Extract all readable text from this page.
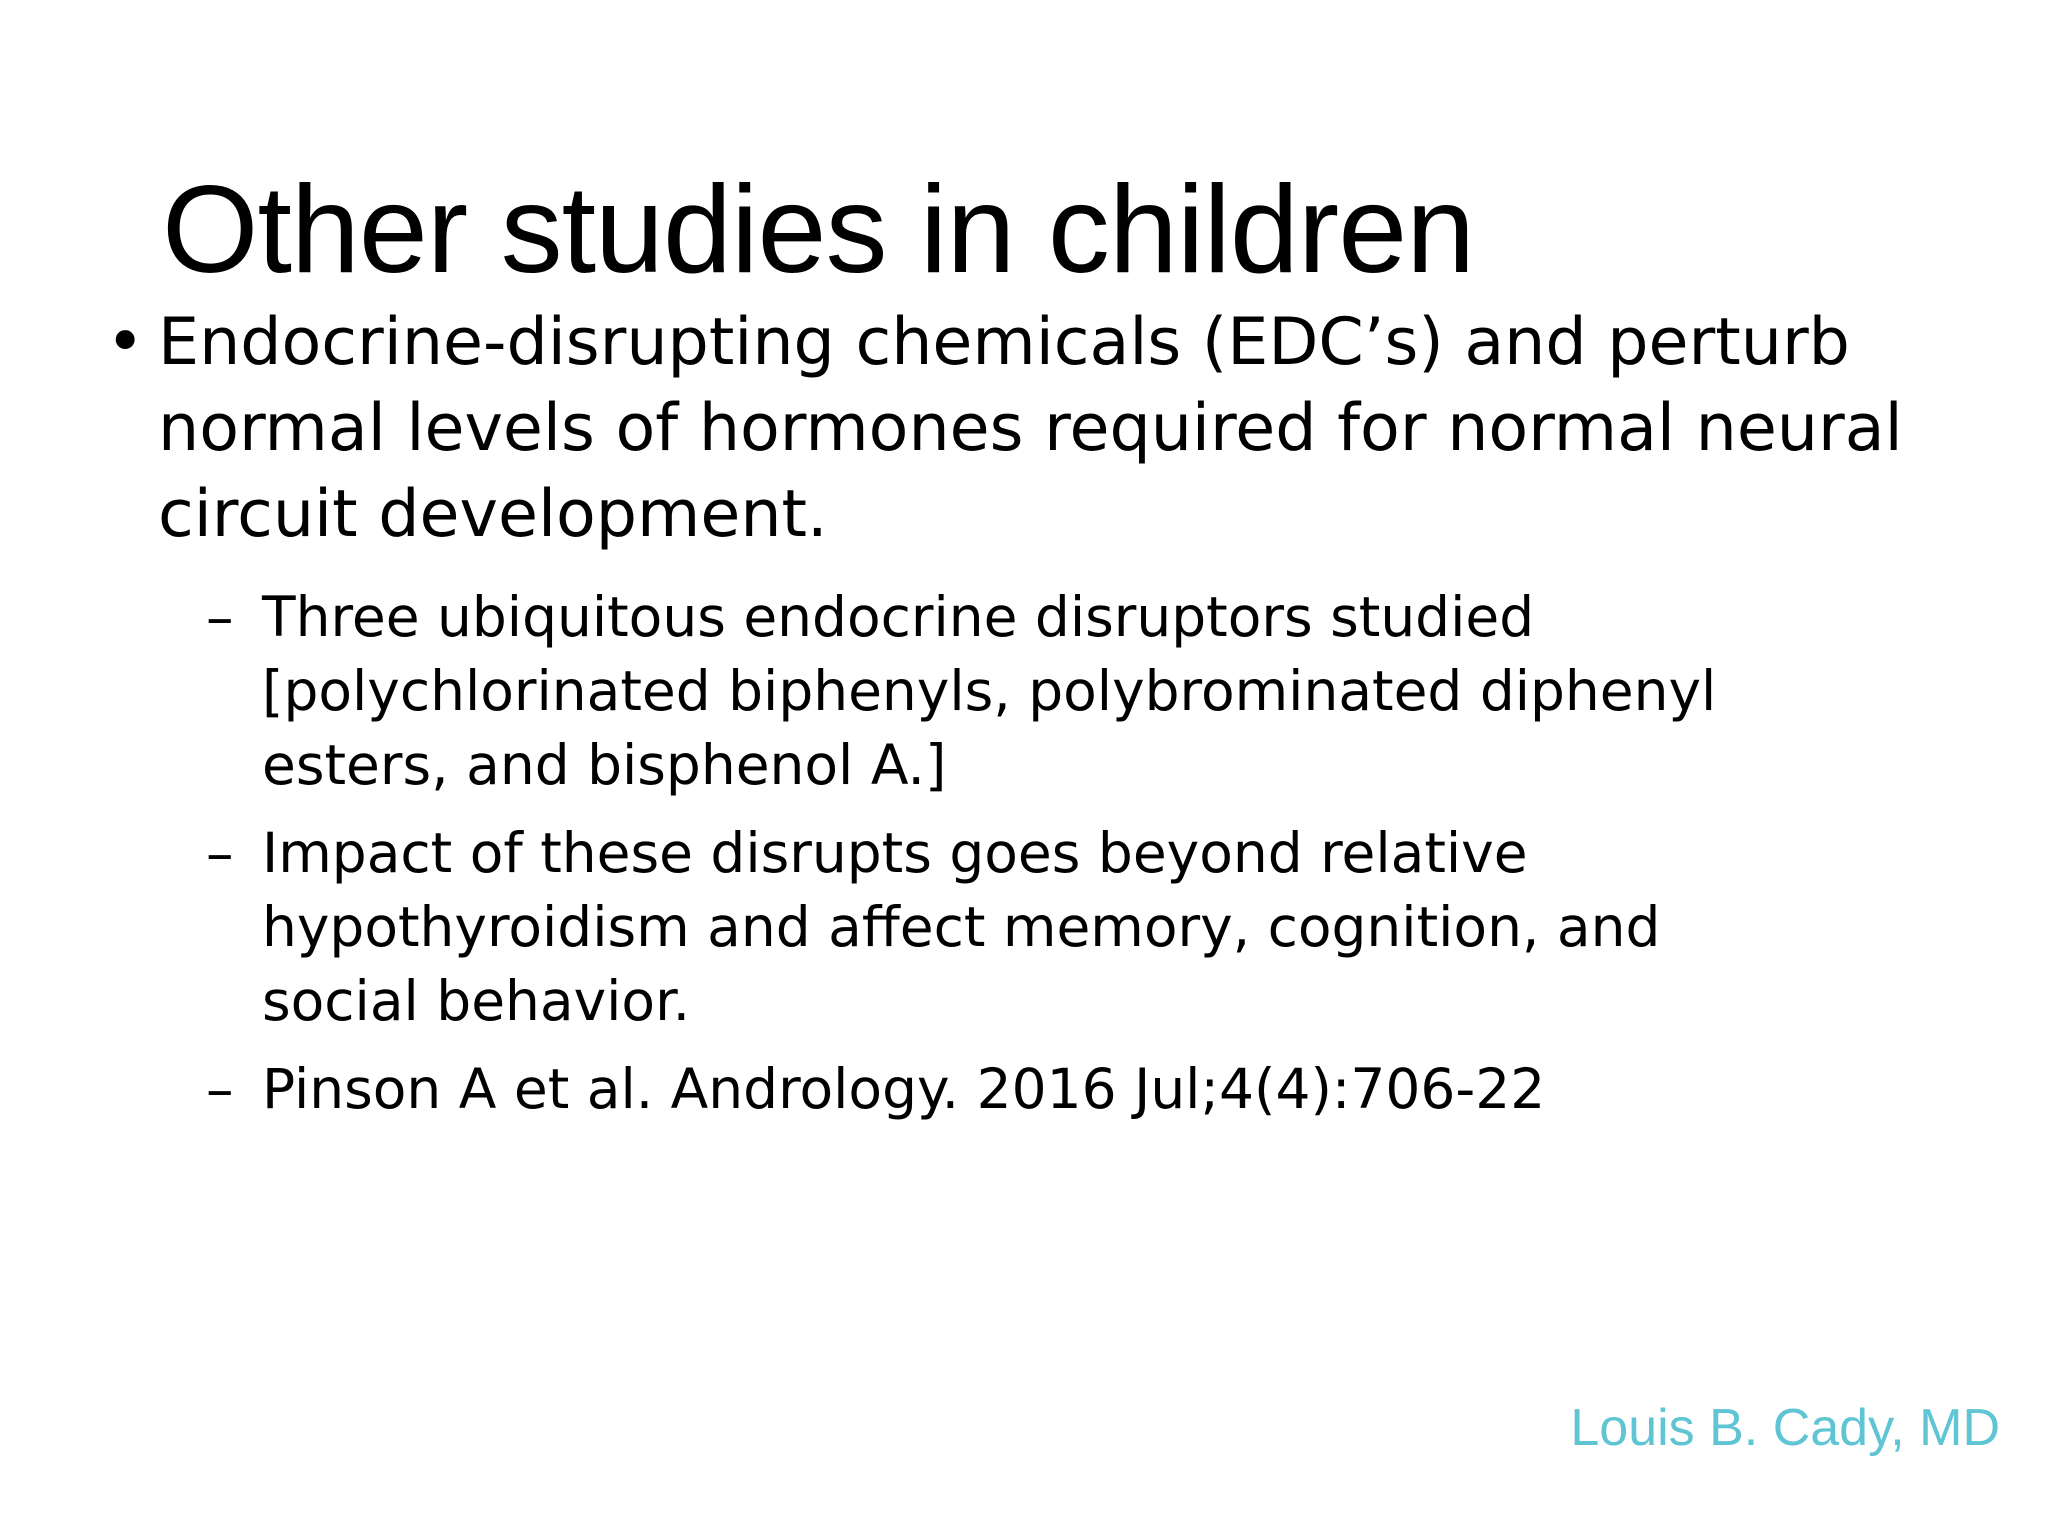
Other studies in children
• Endocrine-disrupting chemicals (EDC’s) and perturb normal levels of hormones required for normal neural circuit development.
– Three ubiquitous endocrine disruptors studied [polychlorinated biphenyls, polybrominated diphenyl esters, and bisphenol A.]
– Impact of these disrupts goes beyond relative hypothyroidism and affect memory, cognition, and social behavior.
– Pinson A et al. Andrology. 2016 Jul;4(4):706-22
Louis B. Cady, MD
